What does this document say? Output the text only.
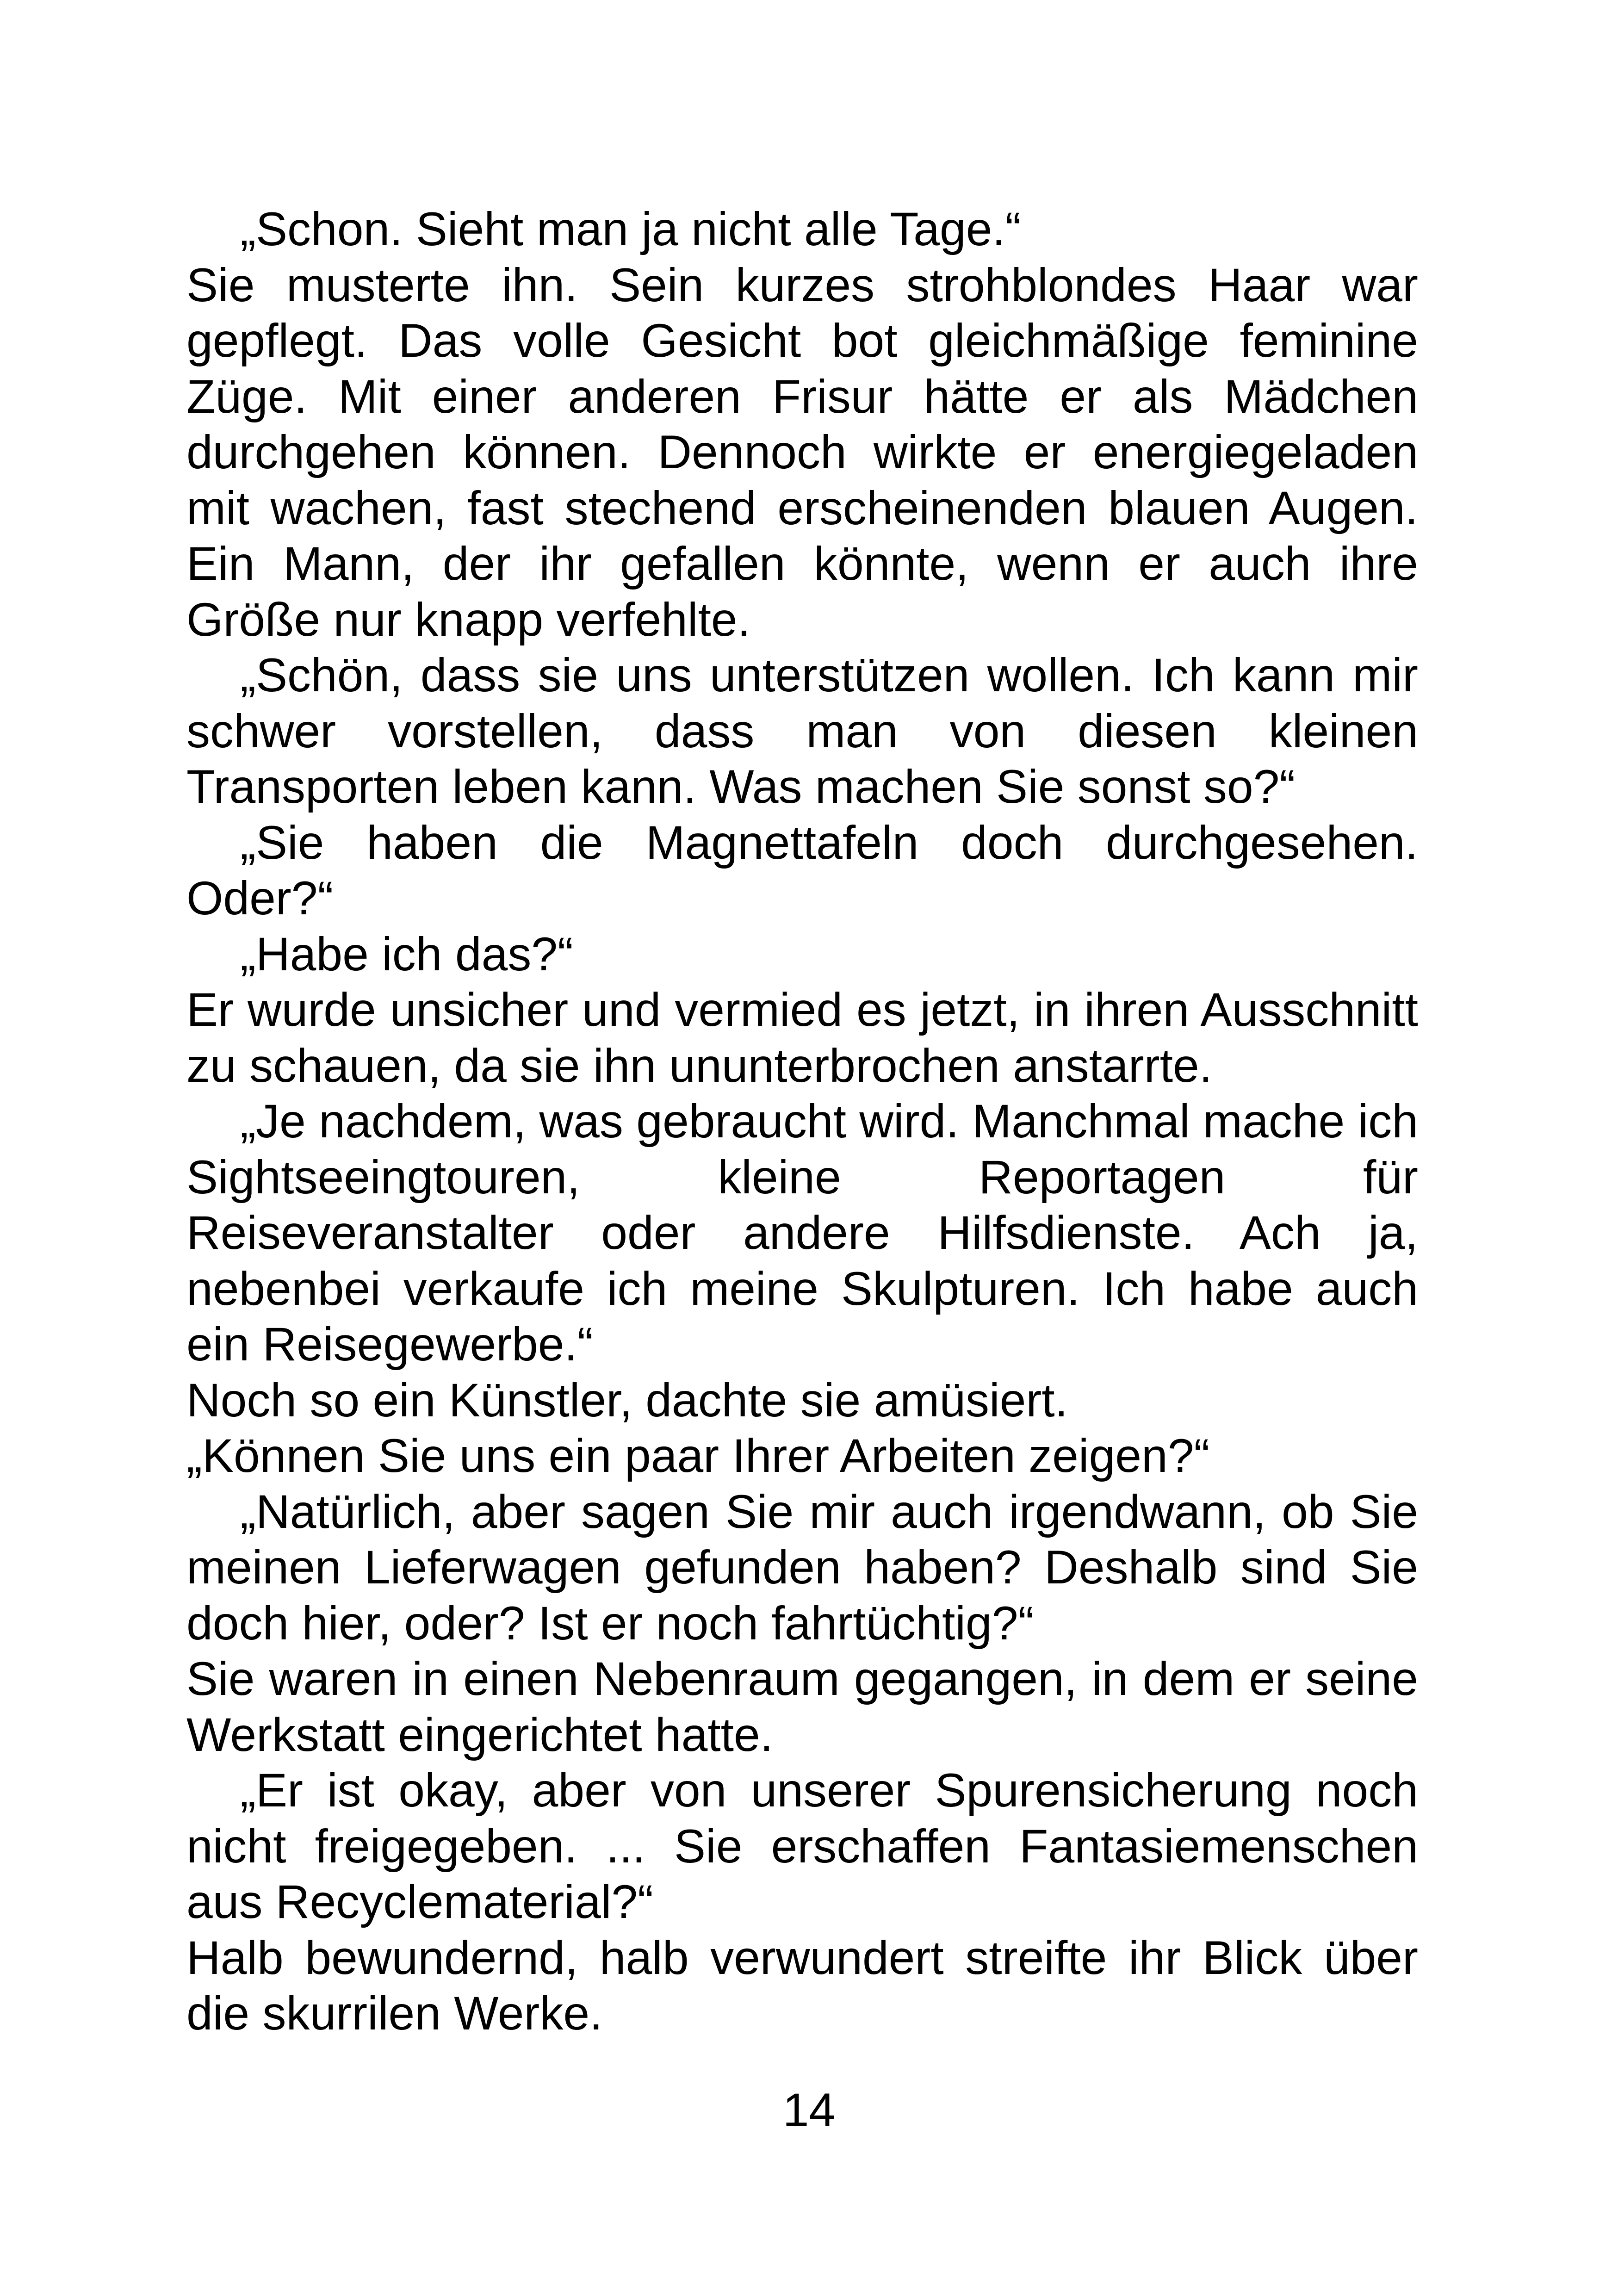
„Schon. Sieht man ja nicht alle Tage.“

Sie musterte ihn. Sein kurzes strohblondes Haar war gepflegt. Das volle Gesicht bot gleichmäßige feminine Züge. Mit einer anderen Frisur hätte er als Mädchen durchgehen können. Dennoch wirkte er energiegeladen mit wachen, fast stechend erscheinenden blauen Augen. Ein Mann, der ihr gefallen könnte, wenn er auch ihre Größe nur knapp verfehlte.

„Schön, dass sie uns unterstützen wollen. Ich kann mir schwer vorstellen, dass man von diesen kleinen Transporten leben kann. Was machen Sie sonst so?“

„Sie haben die Magnettafeln doch durchgesehen. Oder?“

„Habe ich das?“

Er wurde unsicher und vermied es jetzt, in ihren Ausschnitt zu schauen, da sie ihn ununterbrochen anstarrte.

„Je nachdem, was gebraucht wird. Manchmal mache ich Sightseeingtouren, kleine Reportagen für Reiseveranstalter oder andere Hilfsdienste. Ach ja, nebenbei verkaufe ich meine Skulpturen. Ich habe auch ein Reisegewerbe.“

Noch so ein Künstler, dachte sie amüsiert.

„Können Sie uns ein paar Ihrer Arbeiten zeigen?“

„Natürlich, aber sagen Sie mir auch irgendwann, ob Sie meinen Lieferwagen gefunden haben? Deshalb sind Sie doch hier, oder? Ist er noch fahrtüchtig?“

Sie waren in einen Nebenraum gegangen, in dem er seine Werkstatt eingerichtet hatte.

„Er ist okay, aber von unserer Spurensicherung noch nicht freigegeben. ... Sie erschaffen Fantasiemenschen aus Recyclematerial?“

Halb bewundernd, halb verwundert streifte ihr Blick über die skurrilen Werke.

14
